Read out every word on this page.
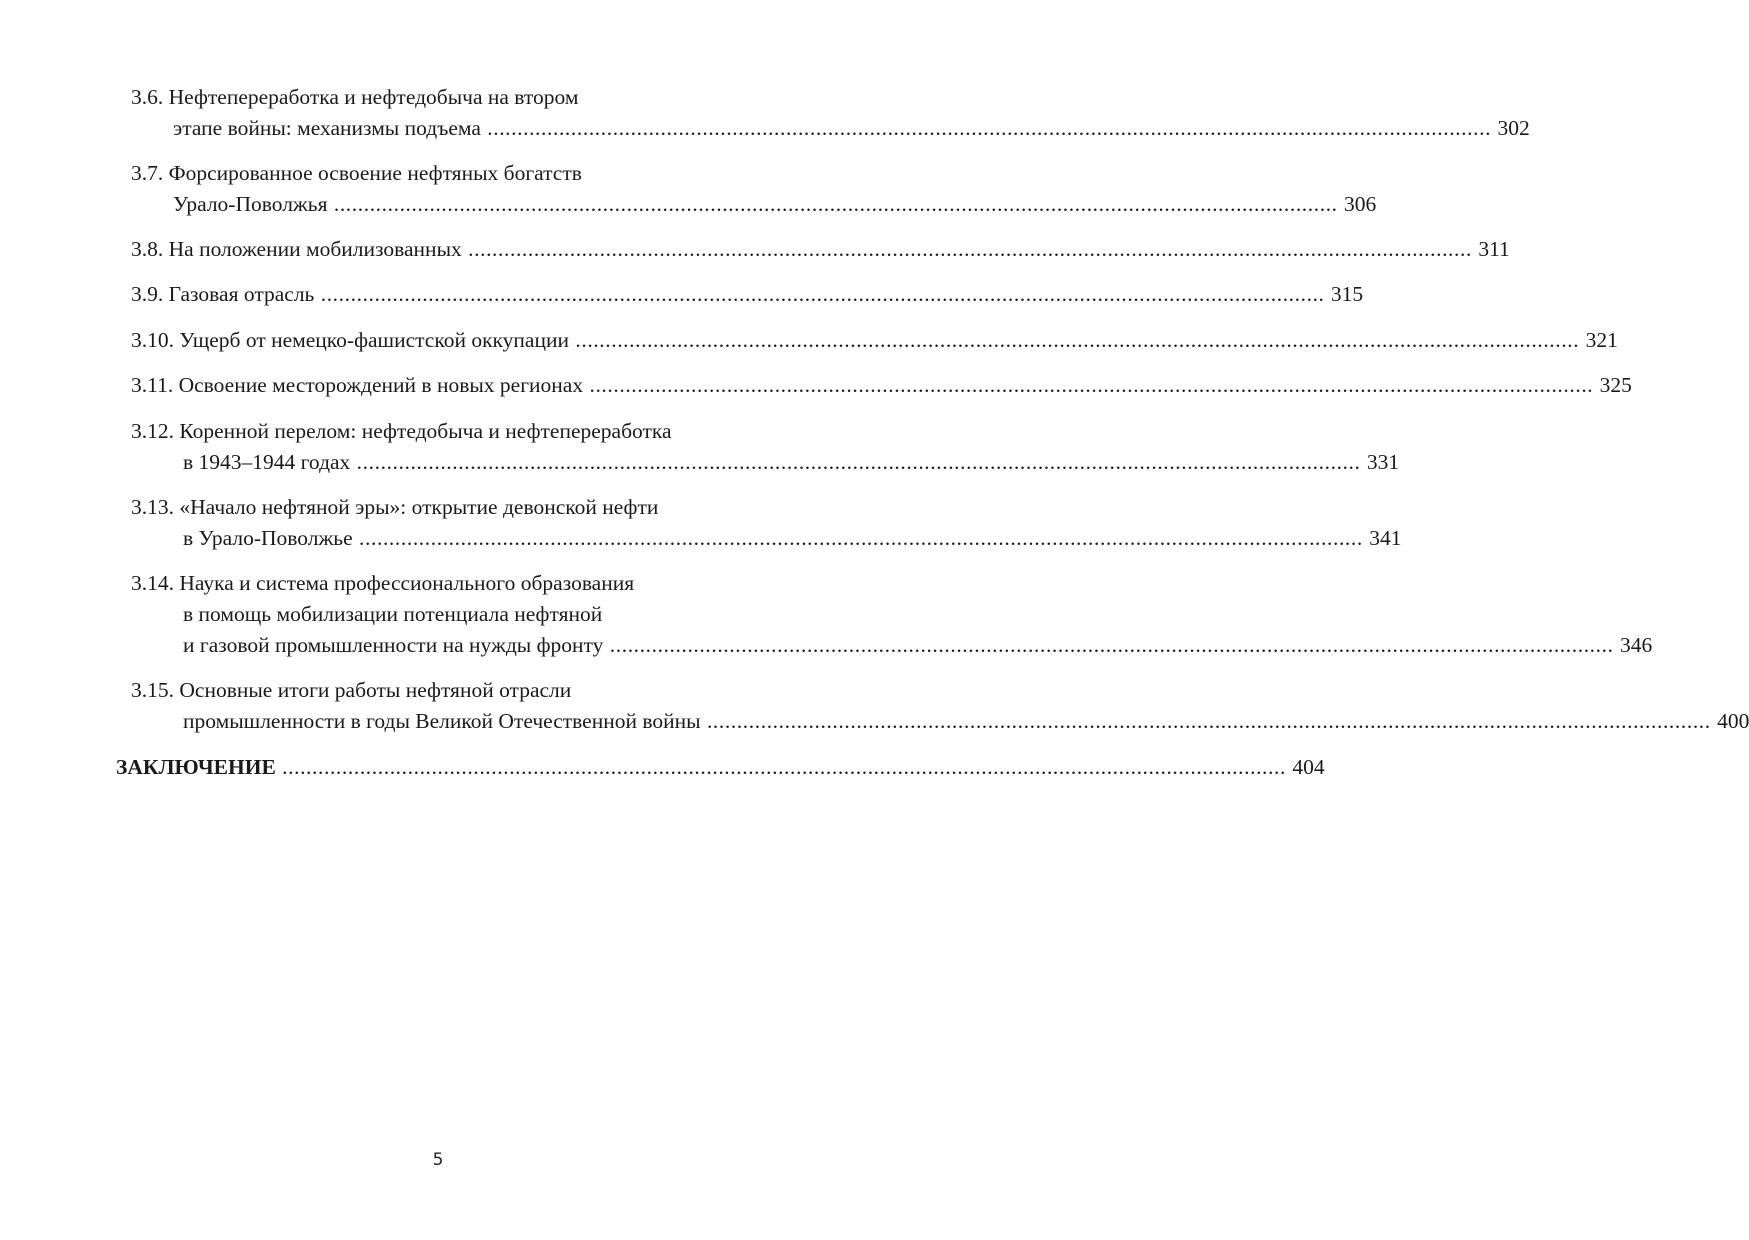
3.6. Нефтепереработка и нефтедобыча на втором
этапе войны: механизмы подъема .....	302
3.7. Форсированное освоение нефтяных богатств
Урало-Поволжья .....	306
3.8. На положении мобилизованных .....	311
3.9. Газовая отрасль .....	315
3.10. Ущерб от немецко-фашистской оккупации .....	321
3.11. Освоение месторождений в новых регионах .....	325
3.12. Коренной перелом: нефтедобыча и нефтепереработка
в 1943–1944 годах .....	331
3.13. «Начало нефтяной эры»: открытие девонской нефти
в Урало-Поволжье .....	341
3.14. Наука и система профессионального образования
в помощь мобилизации потенциала нефтяной
и газовой промышленности на нужды фронту .....	346
3.15. Основные итоги работы нефтяной отрасли
промышленности в годы Великой Отечественной войны .....	400
ЗАКЛЮЧЕНИЕ .....	404
5
